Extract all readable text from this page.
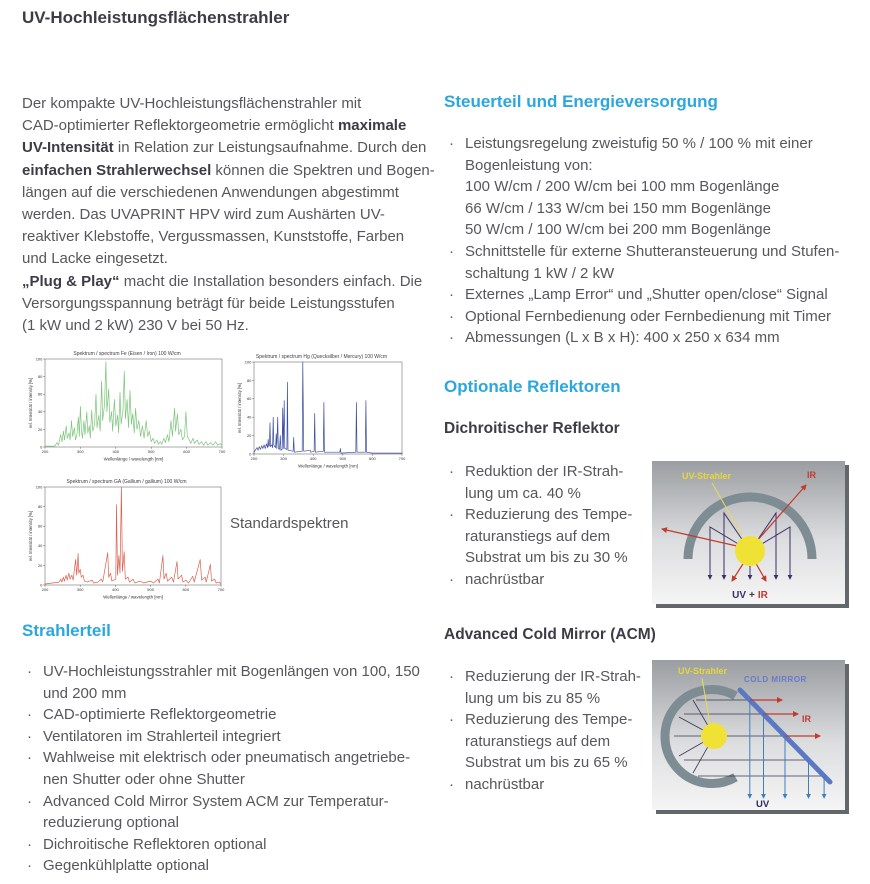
UV-Hochleistungsflächenstrahler
Der kompakte UV-Hochleistungsflächenstrahler mit
CAD-optimierter Reflektorgeometrie ermöglicht maximale
UV-Intensität in Relation zur Leistungsaufnahme. Durch den
einfachen Strahlerwechsel können die Spektren und Bogen-
längen auf die verschiedenen Anwendungen abgestimmt
werden. Das UVAPRINT HPV wird zum Aushärten UV-
reaktiver Klebstoffe, Vergussmassen, Kunststoffe, Farben
und Lacke eingesetzt.
„Plug & Play“ macht die Installation besonders einfach. Die
Versorgungsspannung beträgt für beide Leistungsstufen
(1 kW und 2 kW) 230 V bei 50 Hz.
Spektrum / spectrum Fe (Eisen / Iron) 100 W/cm
200	300	400	500	600	700
0
20
40
60
80
100
Wellenlänge / wavelength [nm]
rel. Intensität / intensity [%]
Spektrum / spectrum Hg (Quecksilber / Mercury) 100 W/cm
200	300	400	500	600	700
0
20
40
60
80
100
Wellenlänge / wavelength [nm]
rel. Intensität / intensity [%]
Spektrum / spectrum GA (Gallium / gallium) 100 W/cm
200	300	400	500	600	700
0
20
40
60
80
100
Wellenlänge / wavelength [nm]
rel. Intensität / intensity [%]	Standardspektren
Strahlerteil
· UV-Hochleistungsstrahler mit Bogenlängen von 100, 150
und 200 mm
· CAD-optimierte Reflektorgeometrie
· Ventilatoren im Strahlerteil integriert
· Wahlweise mit elektrisch oder pneumatisch angetriebe-
nen Shutter oder ohne Shutter
· Advanced Cold Mirror System ACM zur Temperatur-
reduzierung optional
· Dichroitische Reflektoren optional
· Gegenkühlplatte optional
Steuerteil und Energieversorgung
· Leistungsregelung zweistufig 50 % / 100 % mit einer
Bogenleistung von:
100 W/cm / 200 W/cm bei 100 mm Bogenlänge
66 W/cm / 133 W/cm bei 150 mm Bogenlänge
50 W/cm / 100 W/cm bei 200 mm Bogenlänge
· Schnittstelle für externe Shutteransteuerung und Stufen-
schaltung 1 kW / 2 kW
· Externes „Lamp Error“ und „Shutter open/close“ Signal
· Optional Fernbedienung oder Fernbedienung mit Timer
· Abmessungen (L x B x H): 400 x 250 x 634 mm
Optionale Reflektoren
Dichroitischer Reflektor
· Reduktion der IR-Strah-
lung um ca. 40 %
· Reduzierung des Tempe-
raturanstiegs auf dem
Substrat um bis zu 30 %
· nachrüstbar
UV-Strahler	IR
UV + IR
Advanced Cold Mirror (ACM)
· Reduzierung der IR-Strah-
lung um bis zu 85 %
· Reduzierung des Tempe-
raturanstiegs auf dem
Substrat um bis zu 65 %
· nachrüstbar
UV-Strahler
COLD MIRROR
IR
UV
